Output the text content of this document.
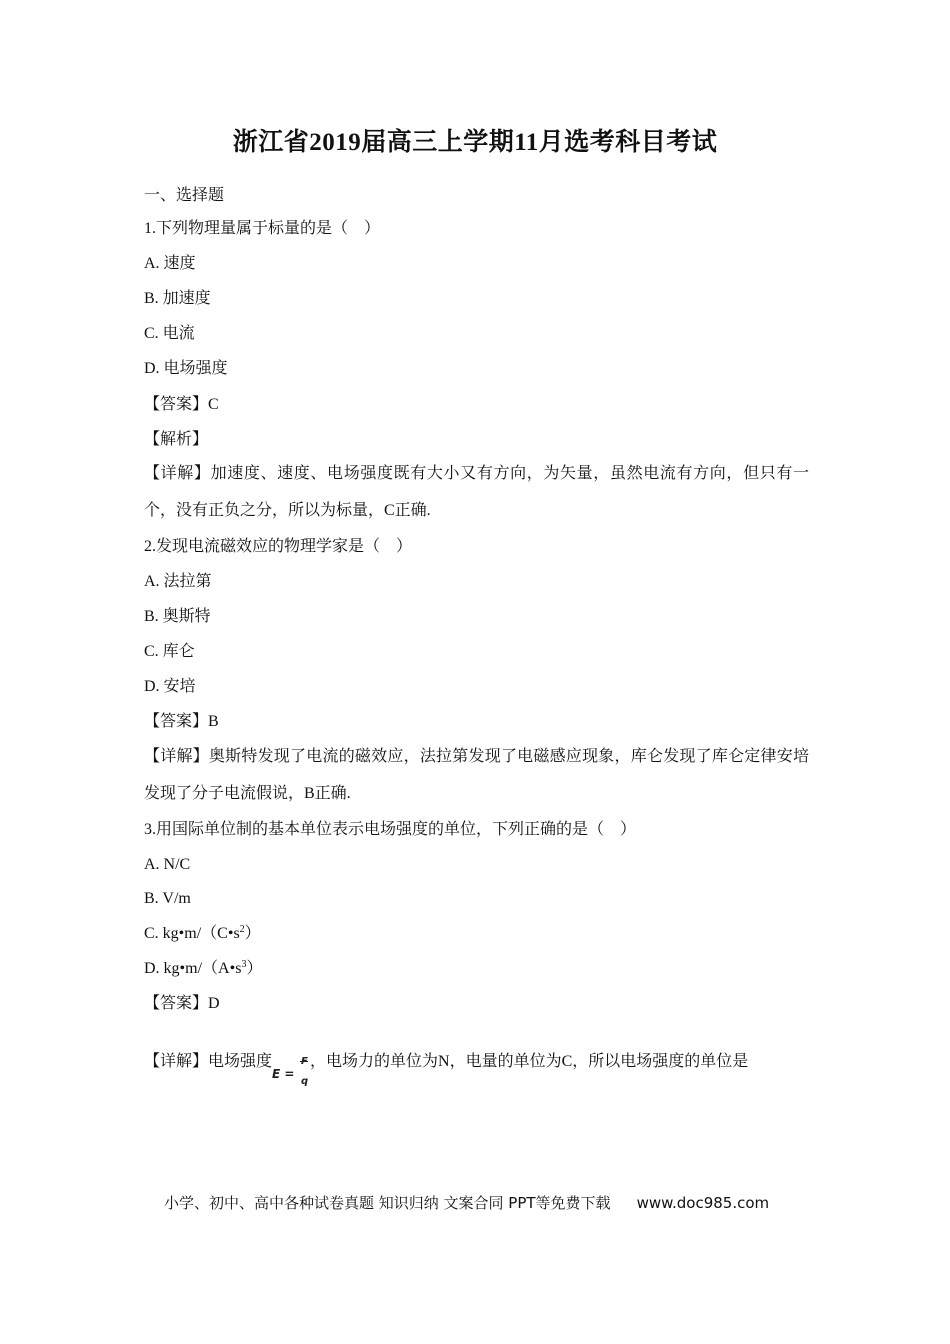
浙江省2019届高三上学期11月选考科目考试
一、选择题
1.下列物理量属于标量的是（　）
A. 速度
B. 加速度
C. 电流
D. 电场强度
【答案】C
【解析】
【详解】加速度、速度、电场强度既有大小又有方向，为矢量，虽然电流有方向，但只有一个，没有正负之分，所以为标量，C正确.
2.发现电流磁效应的物理学家是（　）
A. 法拉第
B. 奥斯特
C. 库仑
D. 安培
【答案】B
【详解】奥斯特发现了电流的磁效应，法拉第发现了电磁感应现象，库仑发现了库仑定律安培发现了分子电流假说，B正确.
3.用国际单位制的基本单位表示电场强度的单位，下列正确的是（　）
A. N/C
B. V/m
C. $kg•m/(C•s^2)$
D. $kg•m/(A•s^3)$
【答案】D
【详解】电场强度
E =
q
，电场力的单位为N，电量的单位为C，所以电场强度的单位是
小学、初中、高中各种试卷真题 知识归纳 文案合同 PPT等免费下载 www.doc985.com
